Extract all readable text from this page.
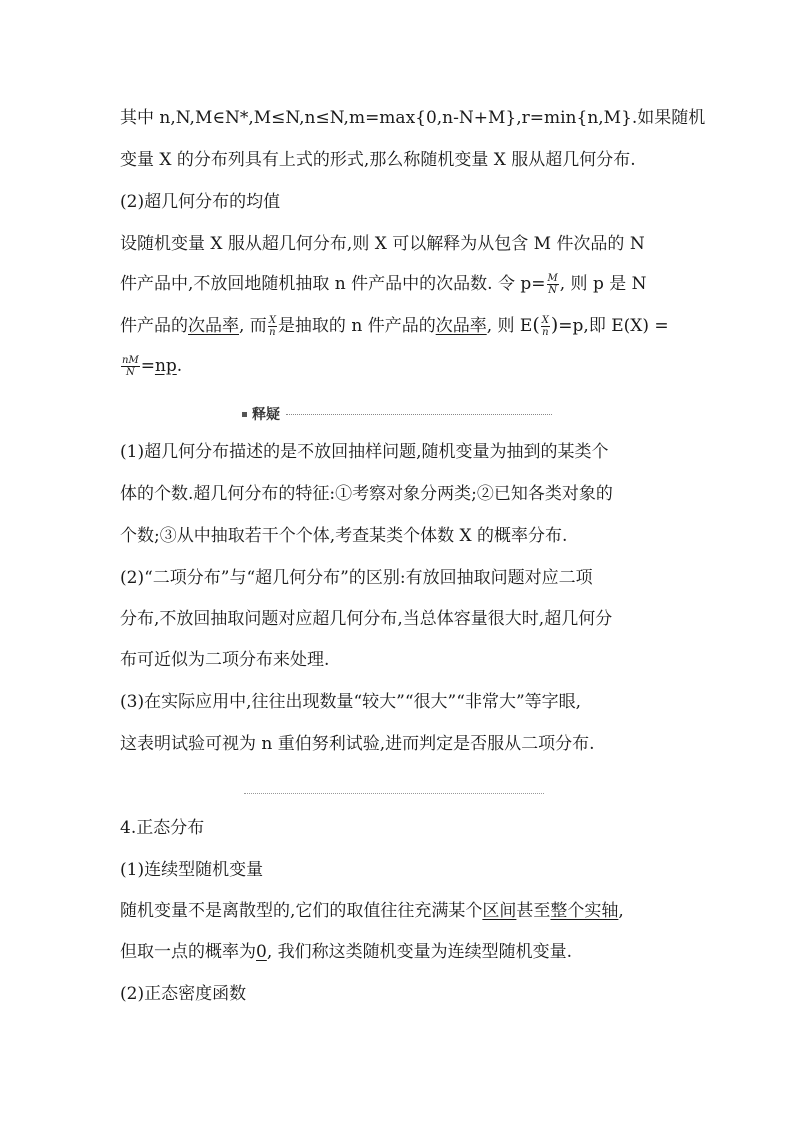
其中 n,N,M∈N*,M≤N,n≤N,m=max{0,n-N+M},r=min{n,M}.如果随机
变量 X 的分布列具有上式的形式,那么称随机变量 X 服从超几何分布.
(2)超几何分布的均值
设随机变量 X 服从超几何分布,则 X 可以解释为从包含 M 件次品的 N
件产品中,不放回地随机抽取 n 件产品中的次品数. 令 $p= \frac{M}{N}$ , 则 p 是 N
件产品的次品率, 而 $\frac{X}{n}$ 是抽取的 n 件产品的次品率, 则 $E( \frac{X}{n} )=p$,即 E(X) =
$\frac{nM}{N} =np$.
释疑
(1)超几何分布描述的是不放回抽样问题,随机变量为抽到的某类个
体的个数.超几何分布的特征:①考察对象分两类;②已知各类对象的
个数;③从中抽取若干个个体,考查某类个体数 X 的概率分布.
(2)“二项分布”与“超几何分布”的区别:有放回抽取问题对应二项
分布,不放回抽取问题对应超几何分布,当总体容量很大时,超几何分
布可近似为二项分布来处理.
(3)在实际应用中,往往出现数量“较大”“很大”“非常大”等字眼,
这表明试验可视为 n 重伯努利试验,进而判定是否服从二项分布.
4.正态分布
(1)连续型随机变量
随机变量不是离散型的,它们的取值往往充满某个区间甚至整个实轴,
但取一点的概率为0, 我们称这类随机变量为连续型随机变量.
(2)正态密度函数
